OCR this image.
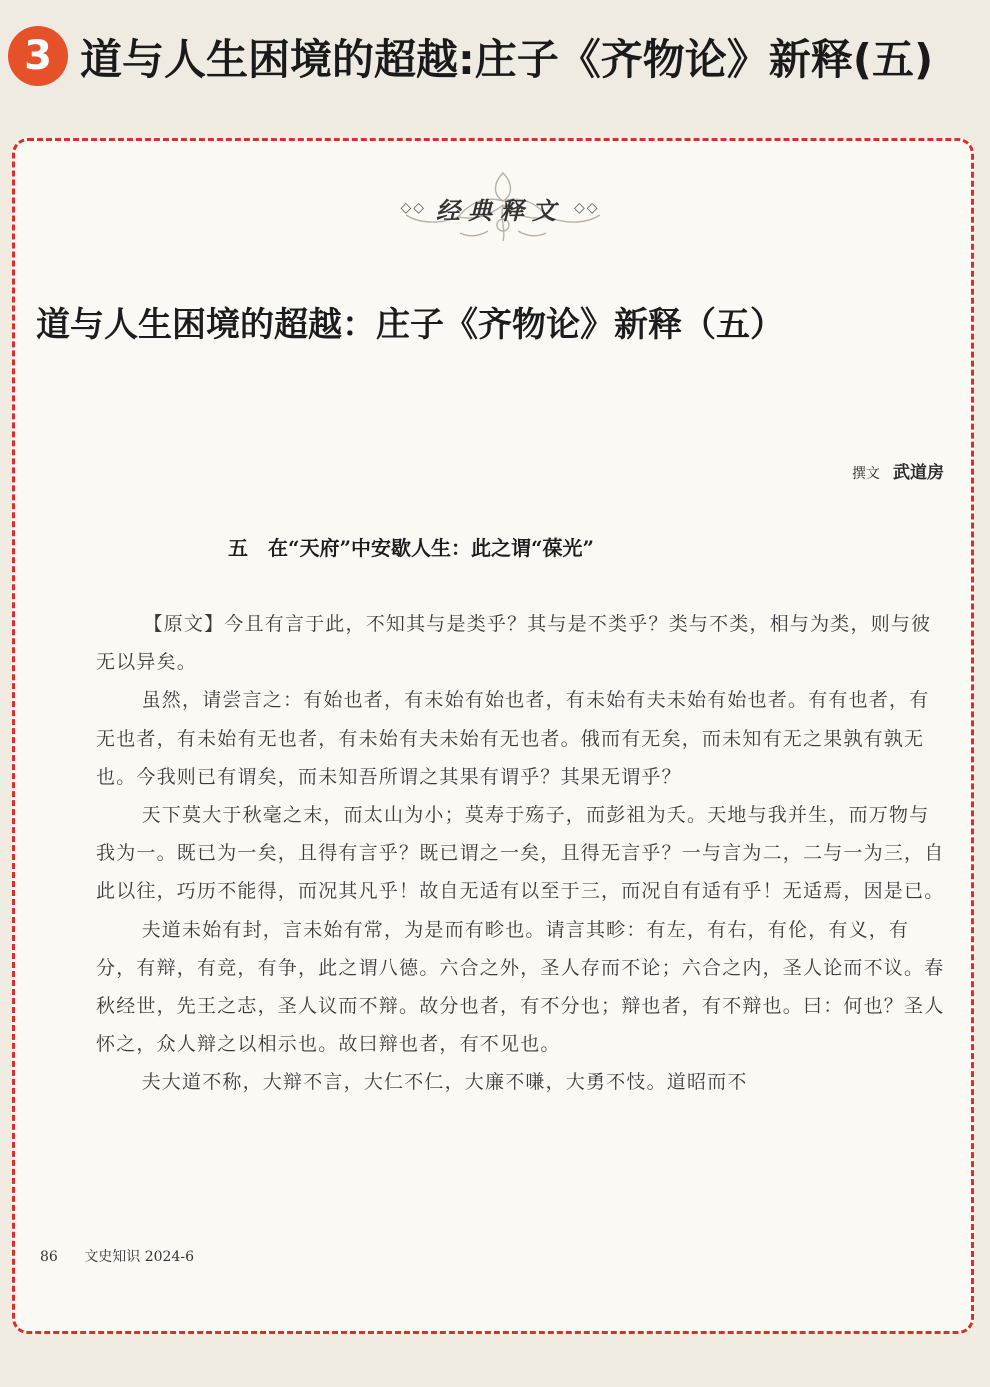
3 道与人生困境的超越:庄子《齐物论》新释(五)
◇◇ 经典释文 ◇◇
道与人生困境的超越：庄子《齐物论》新释（五）
撰文 武道房
五　在“天府”中安歇人生：此之谓“葆光”

【原文】今且有言于此，不知其与是类乎？其与是不类乎？类与不类，相与为类，则与彼无以异矣。

虽然，请尝言之：有始也者，有未始有始也者，有未始有夫未始有始也者。有有也者，有无也者，有未始有无也者，有未始有夫未始有无也者。俄而有无矣，而未知有无之果孰有孰无也。今我则已有谓矣，而未知吾所谓之其果有谓乎？其果无谓乎？

天下莫大于秋毫之末，而太山为小；莫寿于殇子，而彭祖为夭。天地与我并生，而万物与我为一。既已为一矣，且得有言乎？既已谓之一矣，且得无言乎？一与言为二，二与一为三，自此以往，巧历不能得，而况其凡乎！故自无适有以至于三，而况自有适有乎！无适焉，因是已。

夫道未始有封，言未始有常，为是而有畛也。请言其畛：有左，有右，有伦，有义，有分，有辩，有竞，有争，此之谓八德。六合之外，圣人存而不论；六合之内，圣人论而不议。春秋经世，先王之志，圣人议而不辩。故分也者，有不分也；辩也者，有不辩也。曰：何也？圣人怀之，众人辩之以相示也。故曰辩也者，有不见也。

夫大道不称，大辩不言，大仁不仁，大廉不嗛，大勇不忮。道昭而不

86 文史知识 2024-6
